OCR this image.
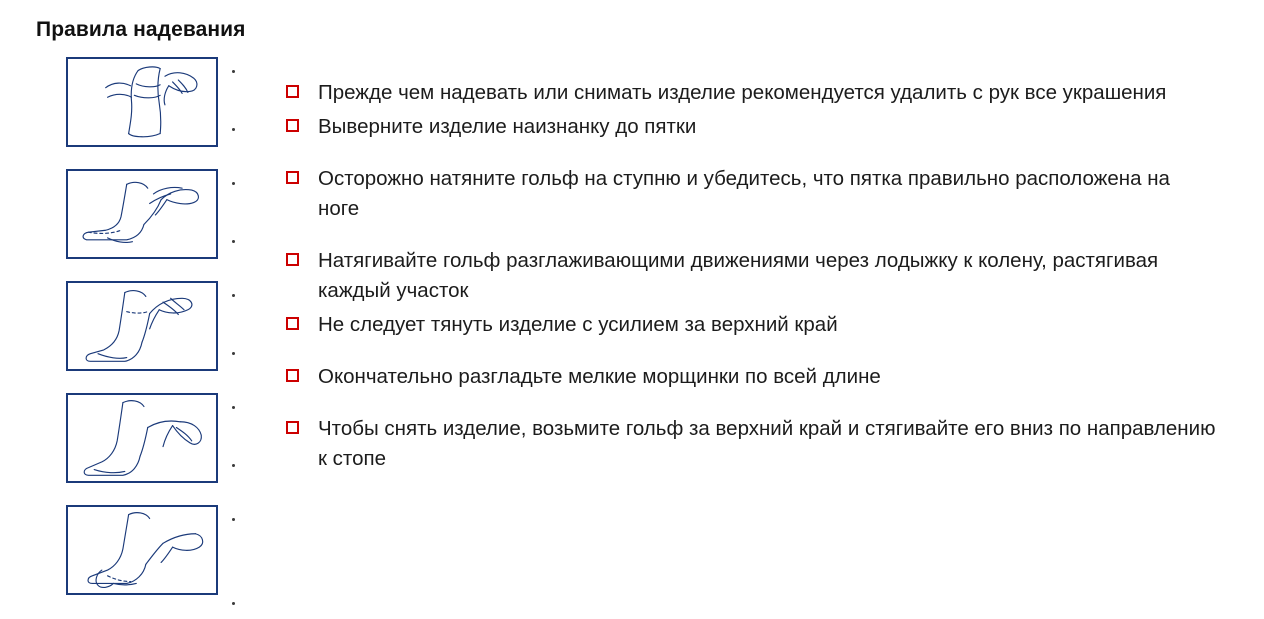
Правила надевания
Прежде чем надевать или снимать изделие рекомендуется удалить с рук все украшения
Выверните изделие наизнанку до пятки
Осторожно натяните гольф на ступню и убедитесь, что пятка правильно расположена на ноге
Натягивайте гольф разглаживающими движениями через лодыжку к колену, растягивая каждый участок
Не следует тянуть изделие с усилием за верхний край
Окончательно разгладьте мелкие морщинки по всей длине
Чтобы снять изделие, возьмите гольф за верхний край и стягивайте его вниз по направлению к стопе
